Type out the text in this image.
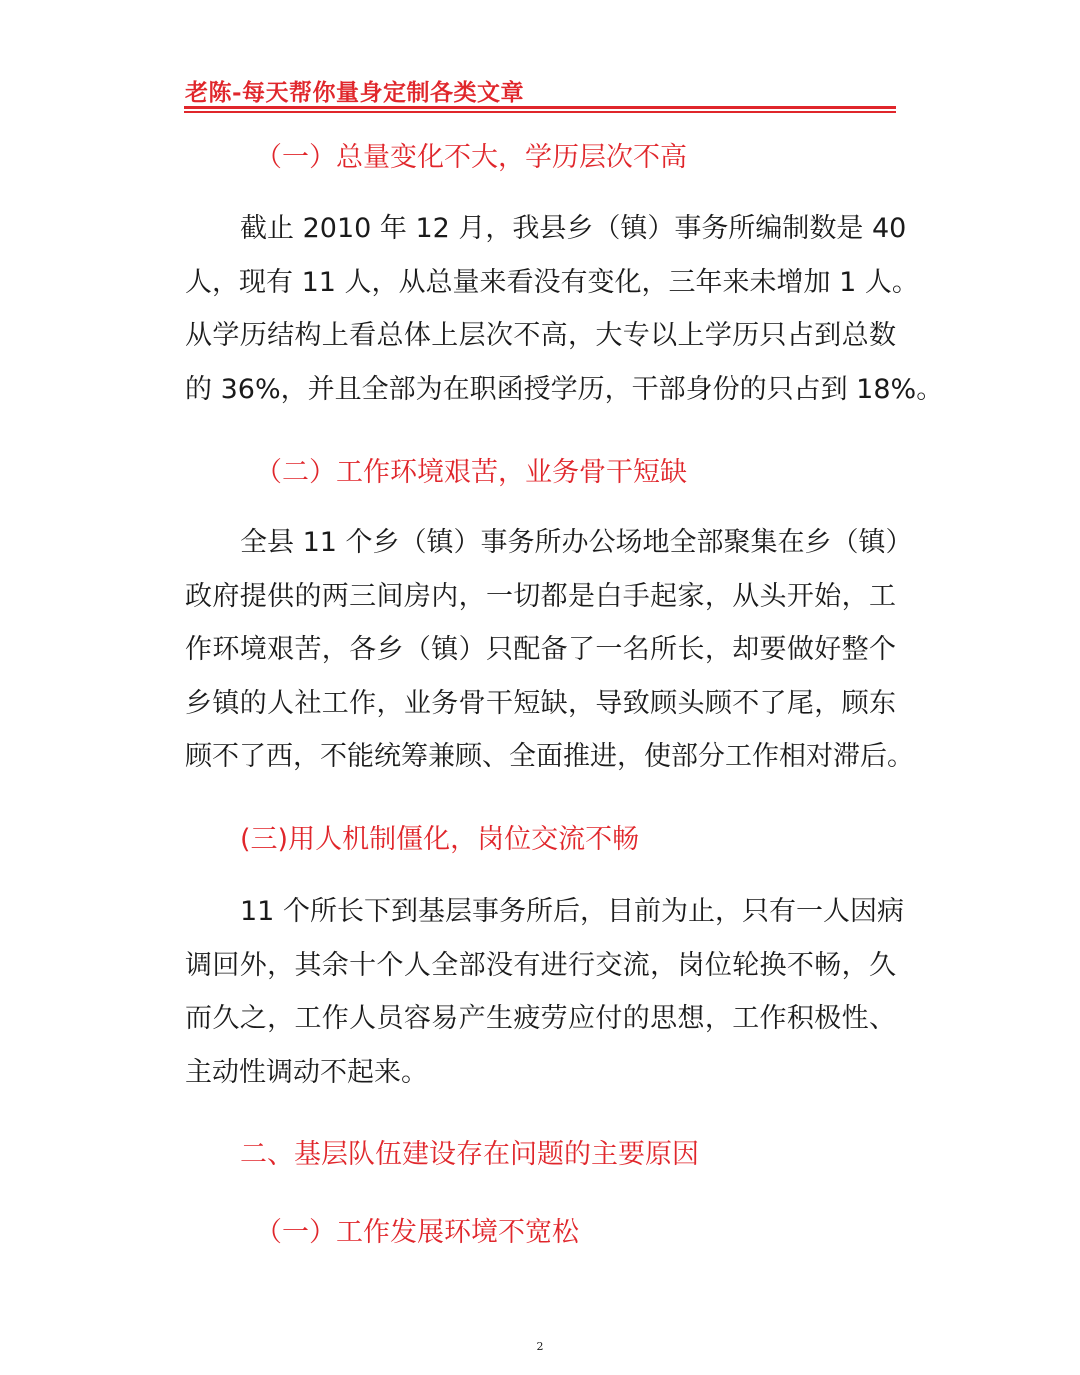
老陈-每天帮你量身定制各类文章
（一）总量变化不大，学历层次不高
截止 2010 年 12 月，我县乡（镇）事务所编制数是 40
人，现有 11 人，从总量来看没有变化，三年来未增加 1 人。
从学历结构上看总体上层次不高，大专以上学历只占到总数
的 36%，并且全部为在职函授学历，干部身份的只占到 18%。
（二）工作环境艰苦，业务骨干短缺
全县 11 个乡（镇）事务所办公场地全部聚集在乡（镇）
政府提供的两三间房内，一切都是白手起家，从头开始，工
作环境艰苦，各乡（镇）只配备了一名所长，却要做好整个
乡镇的人社工作，业务骨干短缺，导致顾头顾不了尾，顾东
顾不了西，不能统筹兼顾、全面推进，使部分工作相对滞后。
(三)用人机制僵化，岗位交流不畅
11 个所长下到基层事务所后，目前为止，只有一人因病
调回外，其余十个人全部没有进行交流，岗位轮换不畅，久
而久之，工作人员容易产生疲劳应付的思想，工作积极性、
主动性调动不起来。
二、基层队伍建设存在问题的主要原因
（一）工作发展环境不宽松
2
